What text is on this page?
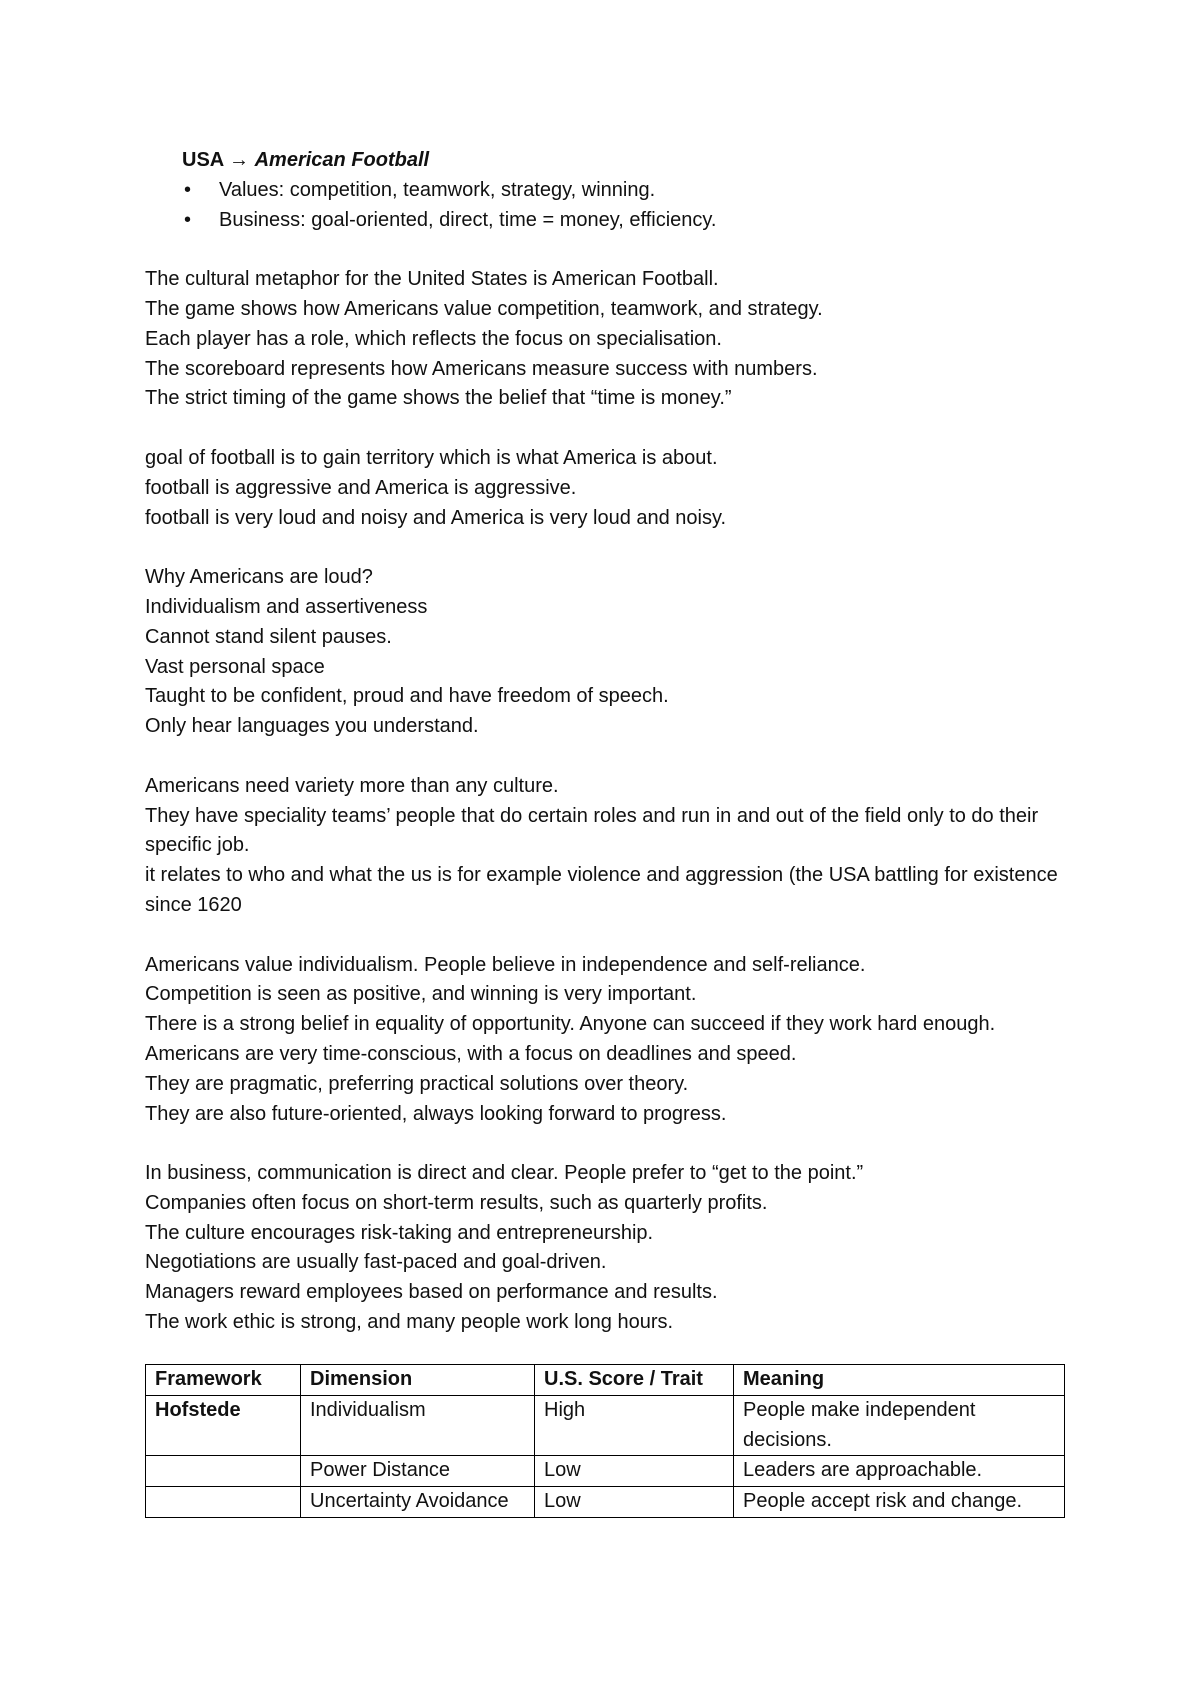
USA → American Football
• Values: competition, teamwork, strategy, winning.
• Business: goal-oriented, direct, time = money, efficiency.

The cultural metaphor for the United States is American Football.
The game shows how Americans value competition, teamwork, and strategy.
Each player has a role, which reflects the focus on specialisation.
The scoreboard represents how Americans measure success with numbers.
The strict timing of the game shows the belief that “time is money.”

goal of football is to gain territory which is what America is about.
football is aggressive and America is aggressive.
football is very loud and noisy and America is very loud and noisy.

Why Americans are loud?
Individualism and assertiveness
Cannot stand silent pauses.
Vast personal space
Taught to be confident, proud and have freedom of speech.
Only hear languages you understand.

Americans need variety more than any culture.
They have speciality teams’ people that do certain roles and run in and out of the field only to do their specific job.
it relates to who and what the us is for example violence and aggression (the USA battling for existence since 1620

Americans value individualism. People believe in independence and self-reliance.
Competition is seen as positive, and winning is very important.
There is a strong belief in equality of opportunity. Anyone can succeed if they work hard enough. Americans are very time-conscious, with a focus on deadlines and speed.
They are pragmatic, preferring practical solutions over theory.
They are also future-oriented, always looking forward to progress.

In business, communication is direct and clear. People prefer to “get to the point.”
Companies often focus on short-term results, such as quarterly profits.
The culture encourages risk-taking and entrepreneurship.
Negotiations are usually fast-paced and goal-driven.
Managers reward employees based on performance and results.
The work ethic is strong, and many people work long hours.

Framework	Dimension	U.S. Score / Trait	Meaning
Hofstede	Individualism	High	People make independent decisions.
	Power Distance	Low	Leaders are approachable.
	Uncertainty Avoidance	Low	People accept risk and change.
